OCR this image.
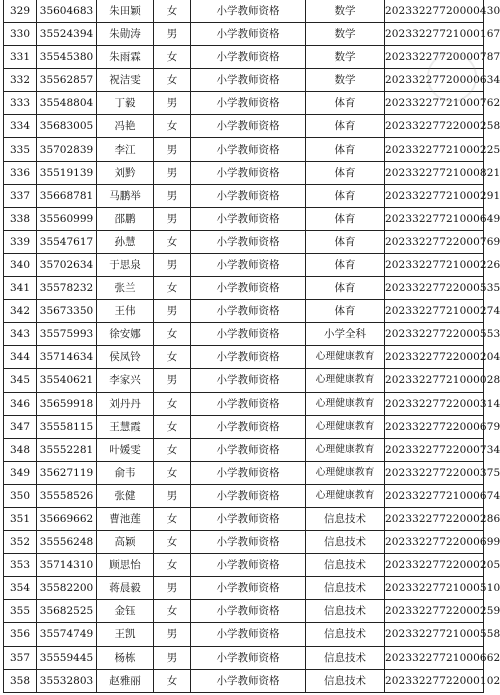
329	35604683	朱田颖	女	小学教师资格	数学	20233227720000430
330	35524394	朱勋涛	男	小学教师资格	数学	20233227721000167
331	35545380	朱雨霖	女	小学教师资格	数学	20233227720000787
332	35562857	祝洁雯	女	小学教师资格	数学	20233227720000634
333	35548804	丁毅	男	小学教师资格	体育	20233227721000762
334	35683005	冯艳	女	小学教师资格	体育	20233227722000258
335	35702839	李江	男	小学教师资格	体育	20233227721000225
336	35519139	刘黔	男	小学教师资格	体育	20233227721000821
337	35668781	马鹏举	男	小学教师资格	体育	20233227721000291
338	35560999	邵鹏	男	小学教师资格	体育	20233227721000649
339	35547617	孙慧	女	小学教师资格	体育	20233227722000769
340	35702634	于思泉	男	小学教师资格	体育	20233227721000226
341	35578232	张兰	女	小学教师资格	体育	20233227722000535
342	35673350	王伟	男	小学教师资格	体育	20233227721000274
343	35575993	徐安娜	女	小学教师资格	小学全科	20233227722000553
344	35714634	侯凤铃	女	小学教师资格	心理健康教育	20233227722000204
345	35540621	李家兴	男	小学教师资格	心理健康教育	20233227721000028
346	35659918	刘丹丹	女	小学教师资格	心理健康教育	20233227722000314
347	35558115	王慧霞	女	小学教师资格	心理健康教育	20233227722000679
348	35552281	叶媛雯	女	小学教师资格	心理健康教育	20233227722000734
349	35627119	俞韦	女	小学教师资格	心理健康教育	20233227722000375
350	35558526	张健	男	小学教师资格	心理健康教育	20233227721000674
351	35669662	曹池莲	女	小学教师资格	信息技术	20233227722000286
352	35556248	高颖	女	小学教师资格	信息技术	20233227722000699
353	35714310	顾思怡	女	小学教师资格	信息技术	20233227722000205
354	35582200	蒋晨毅	男	小学教师资格	信息技术	20233227721000510
355	35682525	金钰	女	小学教师资格	信息技术	20233227722000259
356	35574749	王凯	男	小学教师资格	信息技术	20233227721000558
357	35559445	杨栋	男	小学教师资格	信息技术	20233227721000662
358	35532803	赵雅丽	女	小学教师资格	信息技术	20233227722000102
